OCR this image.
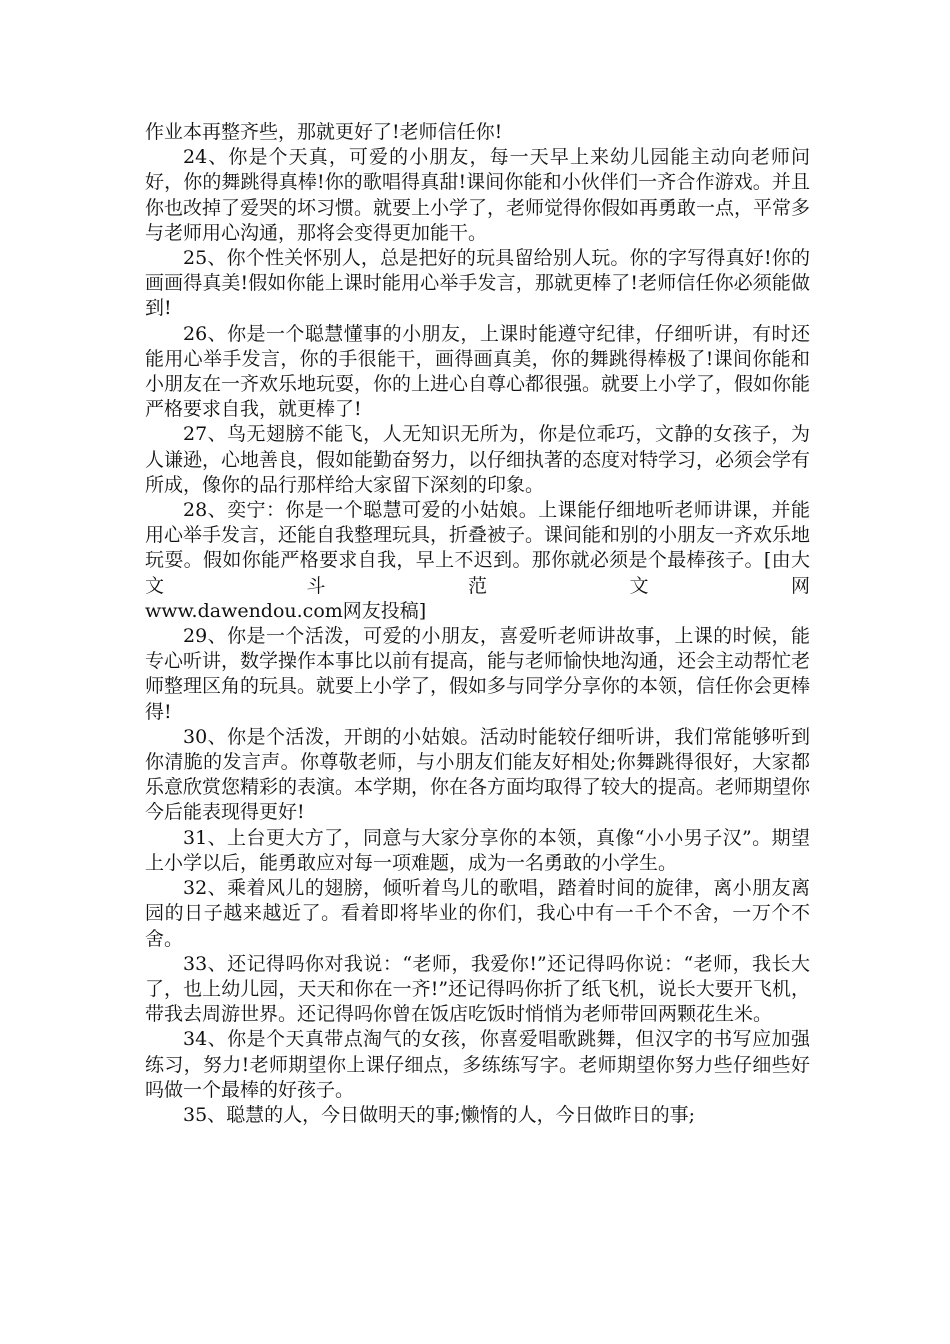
作业本再整齐些，那就更好了!老师信任你!

24、你是个天真，可爱的小朋友，每一天早上来幼儿园能主动向老师问好，你的舞跳得真棒!你的歌唱得真甜!课间你能和小伙伴们一齐合作游戏。并且你也改掉了爱哭的坏习惯。就要上小学了，老师觉得你假如再勇敢一点，平常多与老师用心沟通，那将会变得更加能干。

25、你个性关怀别人，总是把好的玩具留给别人玩。你的字写得真好!你的画画得真美!假如你能上课时能用心举手发言，那就更棒了!老师信任你必须能做到!

26、你是一个聪慧懂事的小朋友，上课时能遵守纪律，仔细听讲，有时还能用心举手发言，你的手很能干，画得画真美，你的舞跳得棒极了!课间你能和小朋友在一齐欢乐地玩耍，你的上进心自尊心都很强。就要上小学了，假如你能严格要求自我，就更棒了!

27、鸟无翅膀不能飞，人无知识无所为，你是位乖巧，文静的女孩子，为人谦逊，心地善良，假如能勤奋努力，以仔细执著的态度对特学习，必须会学有所成，像你的品行那样给大家留下深刻的印象。

28、奕宁：你是一个聪慧可爱的小姑娘。上课能仔细地听老师讲课，并能用心举手发言，还能自我整理玩具，折叠被子。课间能和别的小朋友一齐欢乐地玩耍。假如你能严格要求自我，早上不迟到。那你就必须是个最棒孩子。[由大文斗范文网

www.dawendou.com网友投稿]

29、你是一个活泼，可爱的小朋友，喜爱听老师讲故事，上课的时候，能专心听讲，数学操作本事比以前有提高，能与老师愉快地沟通，还会主动帮忙老师整理区角的玩具。就要上小学了，假如多与同学分享你的本领，信任你会更棒得!

30、你是个活泼，开朗的小姑娘。活动时能较仔细听讲，我们常能够听到你清脆的发言声。你尊敬老师，与小朋友们能友好相处;你舞跳得很好，大家都乐意欣赏您精彩的表演。本学期，你在各方面均取得了较大的提高。老师期望你今后能表现得更好!

31、上台更大方了，同意与大家分享你的本领，真像“小小男子汉”。期望上小学以后，能勇敢应对每一项难题，成为一名勇敢的小学生。

32、乘着风儿的翅膀，倾听着鸟儿的歌唱，踏着时间的旋律，离小朋友离园的日子越来越近了。看着即将毕业的你们，我心中有一千个不舍，一万个不舍。

33、还记得吗你对我说：“老师，我爱你!”还记得吗你说：“老师，我长大了，也上幼儿园，天天和你在一齐!”还记得吗你折了纸飞机，说长大要开飞机，带我去周游世界。还记得吗你曾在饭店吃饭时悄悄为老师带回两颗花生米。

34、你是个天真带点淘气的女孩，你喜爱唱歌跳舞，但汉字的书写应加强练习，努力!老师期望你上课仔细点，多练练写字。老师期望你努力些仔细些好吗做一个最棒的好孩子。

35、聪慧的人，今日做明天的事;懒惰的人，今日做昨日的事;
